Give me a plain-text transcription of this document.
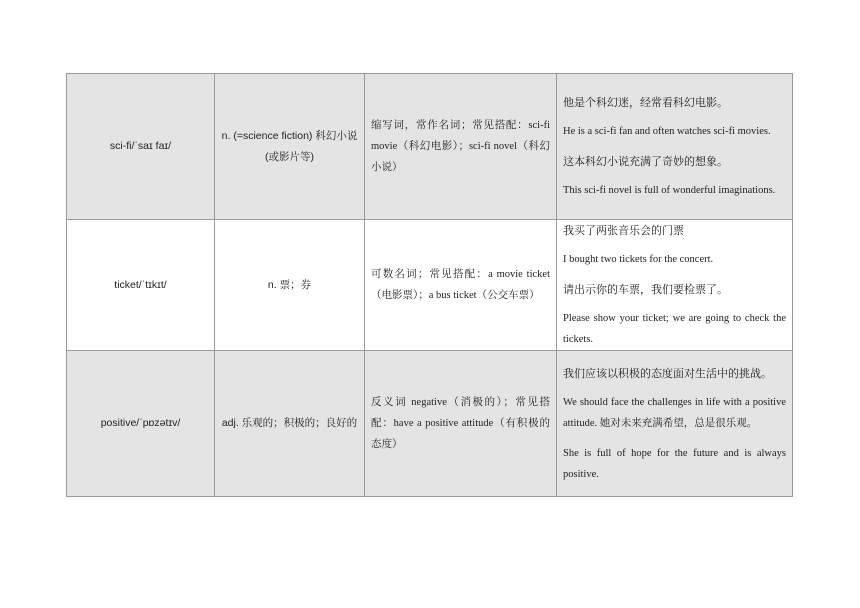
sci-fi/ˈsaɪ faɪ/	n. (=science fiction) 科幻小说(或影片等)	缩写词，常作名词；常见搭配：sci-fi movie（科幻电影）；sci-fi novel（科幻小说）	他是个科幻迷，经常看科幻电影。

He is a sci-fi fan and often watches sci-fi movies.

这本科幻小说充满了奇妙的想象。

This sci-fi novel is full of wonderful imaginations.

ticket/ˈtɪkɪt/	n. 票；券	可数名词；常见搭配：a movie ticket（电影票）；a bus ticket（公交车票）	我买了两张音乐会的门票

I bought two tickets for the concert.

请出示你的车票，我们要检票了。

Please show your ticket; we are going to check the tickets.

positive/ˈpɒzətɪv/	adj. 乐观的；积极的；良好的	反义词 negative（消极的）；常见搭配：have a positive attitude（有积极的态度）	我们应该以积极的态度面对生活中的挑战。

We should face the challenges in life with a positive attitude. 她对未来充满希望，总是很乐观。

She is full of hope for the future and is always positive.
